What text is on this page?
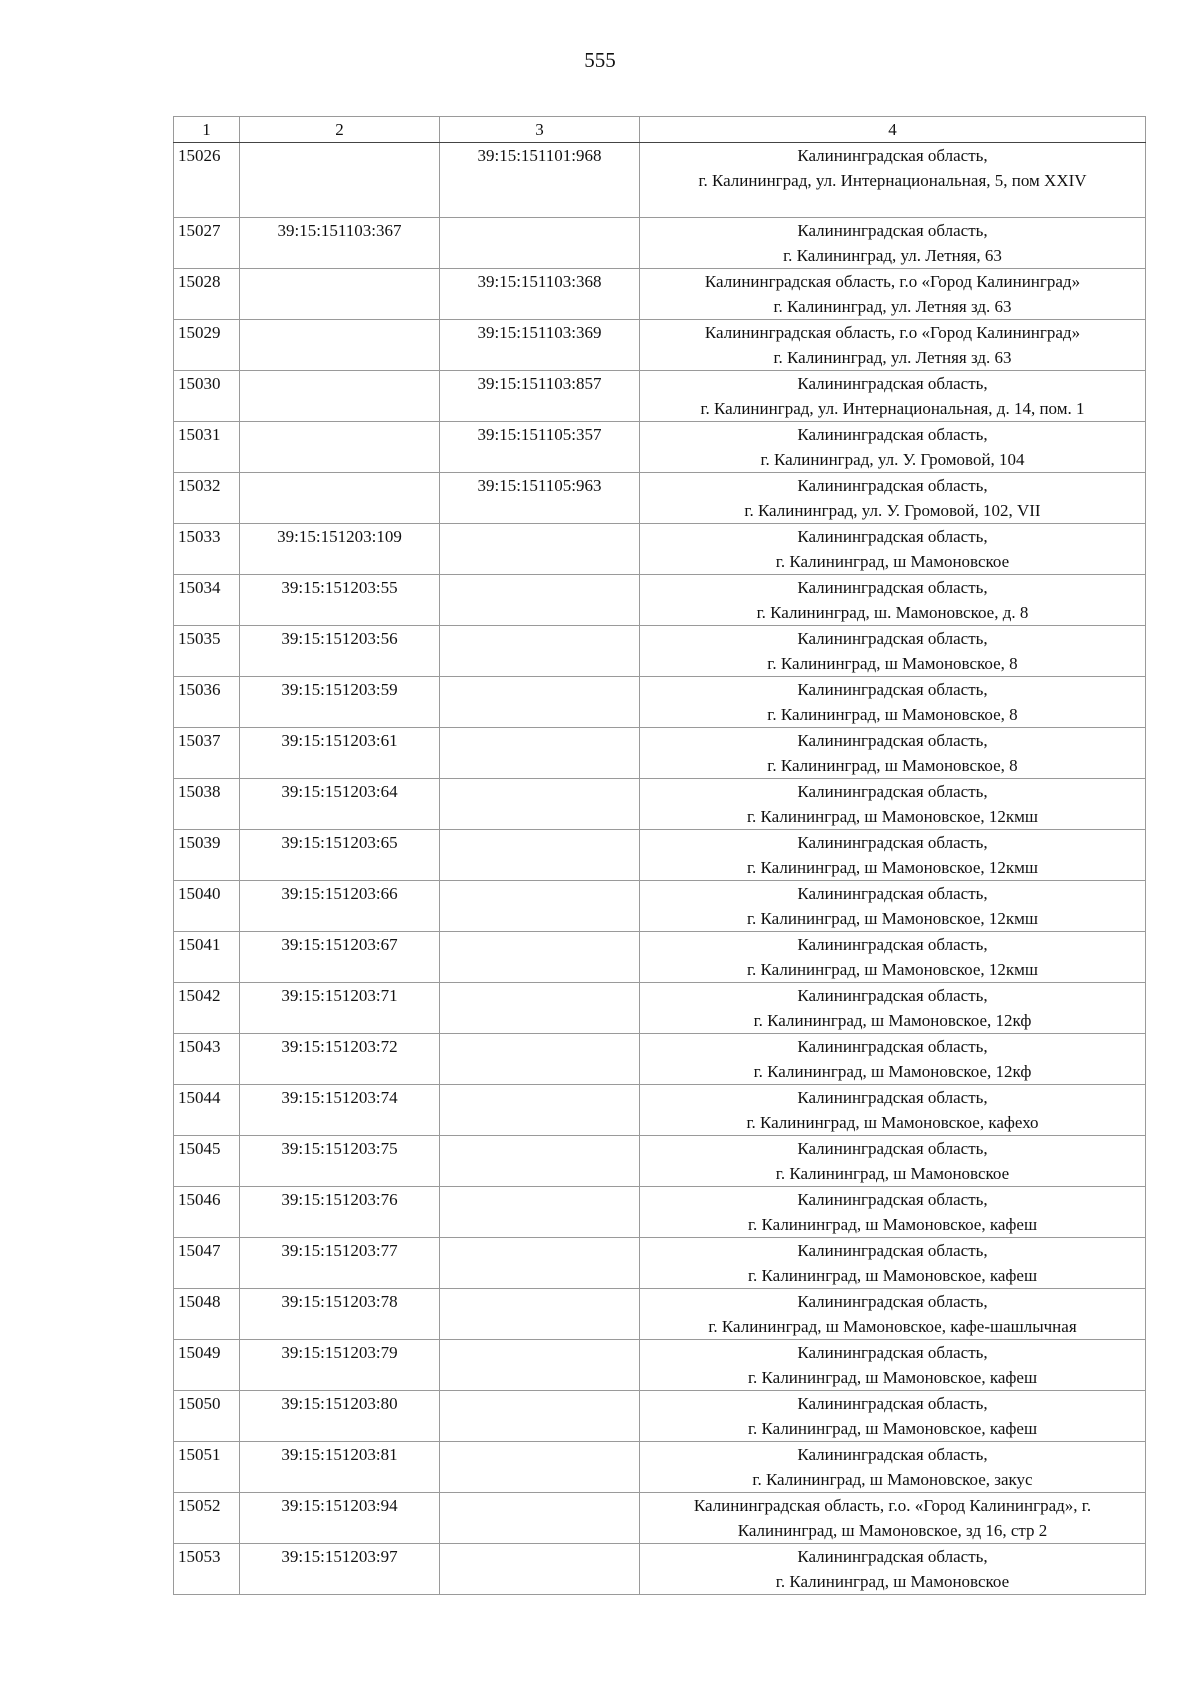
555
1	2	3	4
15026		39:15:151101:968	Калининградская область,
г. Калининград, ул. Интернациональная, 5, пом XXIV

15027	39:15:151103:367		Калининградская область,
г. Калининград, ул. Летняя, 63

15028		39:15:151103:368	Калининградская область, г.о «Город Калининград»
г. Калининград, ул. Летняя зд. 63

15029		39:15:151103:369	Калининградская область, г.о «Город Калининград»
г. Калининград, ул. Летняя зд. 63

15030		39:15:151103:857	Калининградская область,
г. Калининград, ул. Интернациональная, д. 14, пом. 1

15031		39:15:151105:357	Калининградская область,
г. Калининград, ул. У. Громовой, 104

15032		39:15:151105:963	Калининградская область,
г. Калининград, ул. У. Громовой, 102, VII

15033	39:15:151203:109		Калининградская область,
г. Калининград, ш Мамоновское

15034	39:15:151203:55		Калининградская область,
г. Калининград, ш. Мамоновское, д. 8

15035	39:15:151203:56		Калининградская область,
г. Калининград, ш Мамоновское, 8

15036	39:15:151203:59		Калининградская область,
г. Калининград, ш Мамоновское, 8

15037	39:15:151203:61		Калининградская область,
г. Калининград, ш Мамоновское, 8

15038	39:15:151203:64		Калининградская область,
г. Калининград, ш Мамоновское, 12кмш

15039	39:15:151203:65		Калининградская область,
г. Калининград, ш Мамоновское, 12кмш

15040	39:15:151203:66		Калининградская область,
г. Калининград, ш Мамоновское, 12кмш

15041	39:15:151203:67		Калининградская область,
г. Калининград, ш Мамоновское, 12кмш

15042	39:15:151203:71		Калининградская область,
г. Калининград, ш Мамоновское, 12кф

15043	39:15:151203:72		Калининградская область,
г. Калининград, ш Мамоновское, 12кф

15044	39:15:151203:74		Калининградская область,
г. Калининград, ш Мамоновское, кафехо

15045	39:15:151203:75		Калининградская область,
г. Калининград, ш Мамоновское

15046	39:15:151203:76		Калининградская область,
г. Калининград, ш Мамоновское, кафеш

15047	39:15:151203:77		Калининградская область,
г. Калининград, ш Мамоновское, кафеш

15048	39:15:151203:78		Калининградская область,
г. Калининград, ш Мамоновское, кафе-шашлычная

15049	39:15:151203:79		Калининградская область,
г. Калининград, ш Мамоновское, кафеш

15050	39:15:151203:80		Калининградская область,
г. Калининград, ш Мамоновское, кафеш

15051	39:15:151203:81		Калининградская область,
г. Калининград, ш Мамоновское, закус

15052	39:15:151203:94		Калининградская область, г.о. «Город Калининград», г.
Калининград, ш Мамоновское, зд 16, стр 2

15053	39:15:151203:97		Калининградская область,
г. Калининград, ш Мамоновское
